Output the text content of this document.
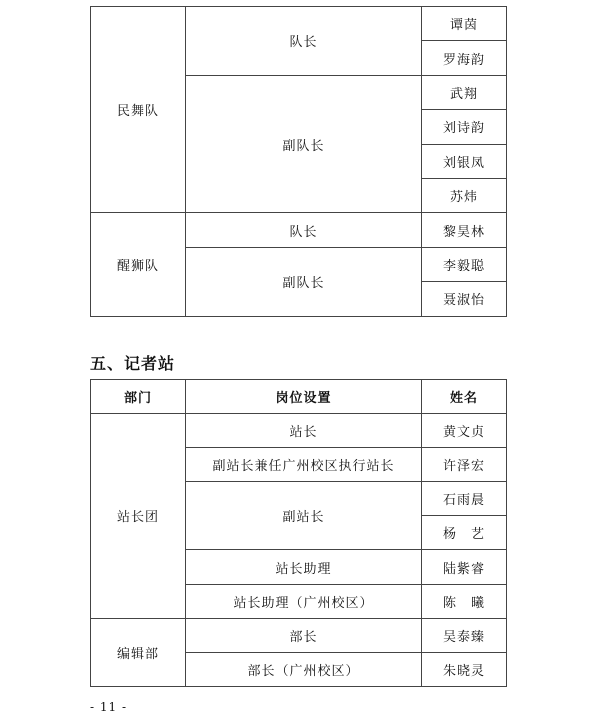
民舞队	队长	谭茵
		罗海韵
	副队长	武翔
		刘诗韵
		刘银凤
		苏炜
醒狮队	队长	黎昊林
	副队长	李毅聪
		聂淑怡
五、记者站
部门	岗位设置	姓名
站长团	站长	黄文贞
	副站长兼任广州校区执行站长	许泽宏
	副站长	石雨晨
		杨　艺
	站长助理	陆紫睿
	站长助理（广州校区）	陈　曦
编辑部	部长	吴泰臻
	部长（广州校区）	朱晓灵

- 11 -
